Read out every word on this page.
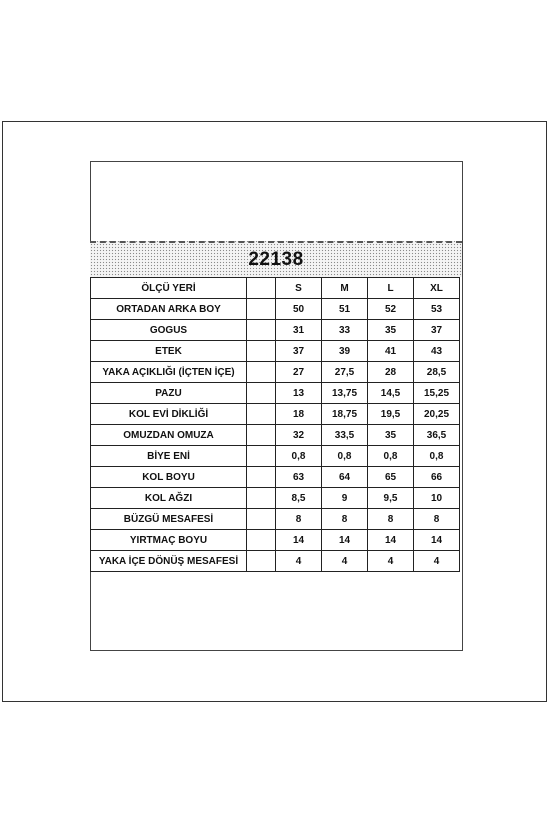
22138
ÖLÇÜ YERİ		S	M	L	XL
ORTADAN ARKA BOY		50	51	52	53
GOGUS		31	33	35	37
ETEK		37	39	41	43
YAKA AÇIKLIĞI (İÇTEN İÇE)		27	27,5	28	28,5
PAZU		13	13,75	14,5	15,25
KOL EVİ DİKLİĞİ		18	18,75	19,5	20,25
OMUZDAN OMUZA		32	33,5	35	36,5
BİYE ENİ		0,8	0,8	0,8	0,8
KOL BOYU		63	64	65	66
KOL AĞZI		8,5	9	9,5	10
BÜZGÜ MESAFESİ		8	8	8	8
YIRTMAÇ BOYU		14	14	14	14
YAKA İÇE DÖNÜŞ MESAFESİ		4	4	4	4
